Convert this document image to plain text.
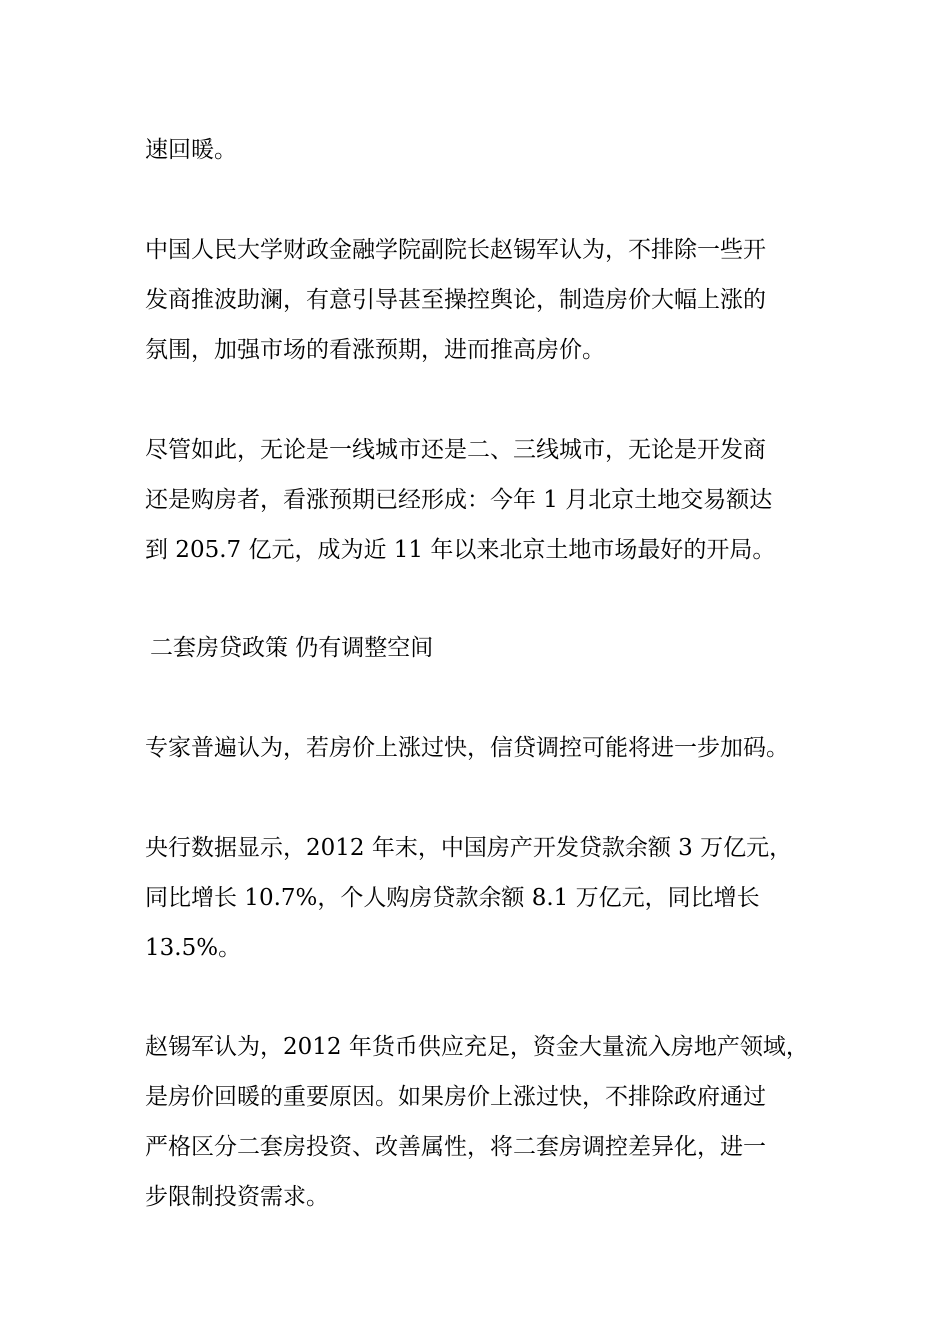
速回暖。
中国人民大学财政金融学院副院长赵锡军认为，不排除一些开
发商推波助澜，有意引导甚至操控舆论，制造房价大幅上涨的
氛围，加强市场的看涨预期，进而推高房价。
尽管如此，无论是一线城市还是二、三线城市，无论是开发商
还是购房者，看涨预期已经形成：今年 1 月北京土地交易额达
到 205.7 亿元，成为近 11 年以来北京土地市场最好的开局。
二套房贷政策 仍有调整空间
专家普遍认为，若房价上涨过快，信贷调控可能将进一步加码。
央行数据显示，2012 年末，中国房产开发贷款余额 3 万亿元，
同比增长 10.7%，个人购房贷款余额 8.1 万亿元，同比增长
13.5%。
赵锡军认为，2012 年货币供应充足，资金大量流入房地产领域，
是房价回暖的重要原因。如果房价上涨过快，不排除政府通过
严格区分二套房投资、改善属性，将二套房调控差异化，进一
步限制投资需求。
